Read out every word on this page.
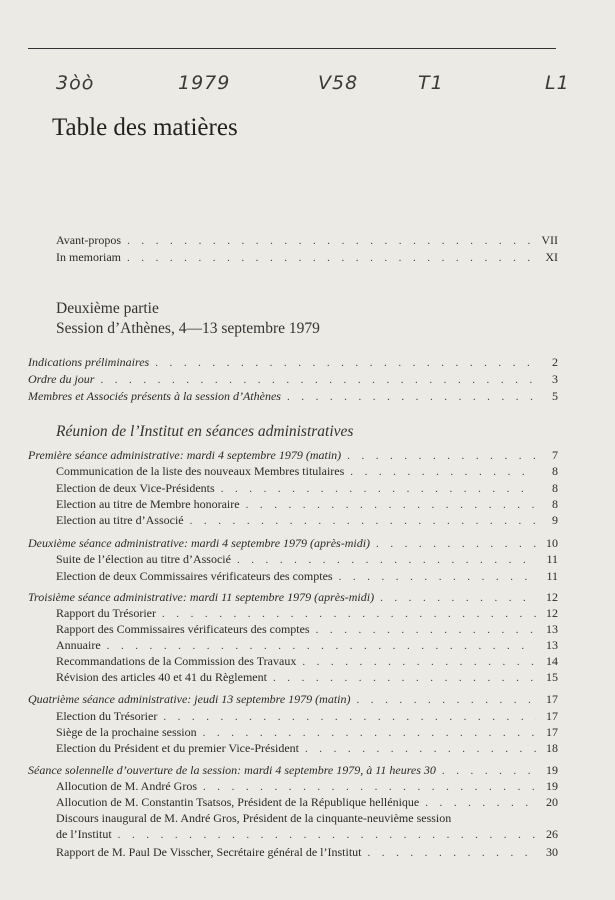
3ὸὸ	1979	V58	T1	L1
Table des matières
Avant-propos . . .	VII
In memoriam . . .	XI

Deuxième partie

Session d’Athènes, 4—13 septembre 1979

Indications préliminaires . . .	2
Ordre du jour . . .	3
Membres et Associés présents à la session d’Athènes . . .	5

Réunion de l’Institut en séances administratives

Première séance administrative: mardi 4 septembre 1979 (matin) . . .	7
Communication de la liste des nouveaux Membres titulaires . . .	8
Election de deux Vice-Présidents . . .	8
Election au titre de Membre honoraire . . .	8
Election au titre d’Associé . . .	9
Deuxième séance administrative: mardi 4 septembre 1979 (après-midi) . . .	10
Suite de l’élection au titre d’Associé . . .	11
Election de deux Commissaires vérificateurs des comptes . . .	11
Troisième séance administrative: mardi 11 septembre 1979 (après-midi) . . .	12
Rapport du Trésorier . . .	12
Rapport des Commissaires vérificateurs des comptes . . .	13
Annuaire . . .	13
Recommandations de la Commission des Travaux . . .	14
Révision des articles 40 et 41 du Règlement . . .	15
Quatrième séance administrative: jeudi 13 septembre 1979 (matin) . . .	17
Election du Trésorier . . .	17
Siège de la prochaine session . . .	17
Election du Président et du premier Vice-Président . . .	18
Séance solennelle d’ouverture de la session: mardi 4 septembre 1979, à 11 heures 30 . . .	19
Allocution de M. André Gros . . .	19
Allocution de M. Constantin Tsatsos, Président de la République hellénique . . .	20
Discours inaugural de M. André Gros, Président de la cinquante-neuvième session
de l’Institut . . .	26
Rapport de M. Paul De Visscher, Secrétaire général de l’Institut . . .	30
